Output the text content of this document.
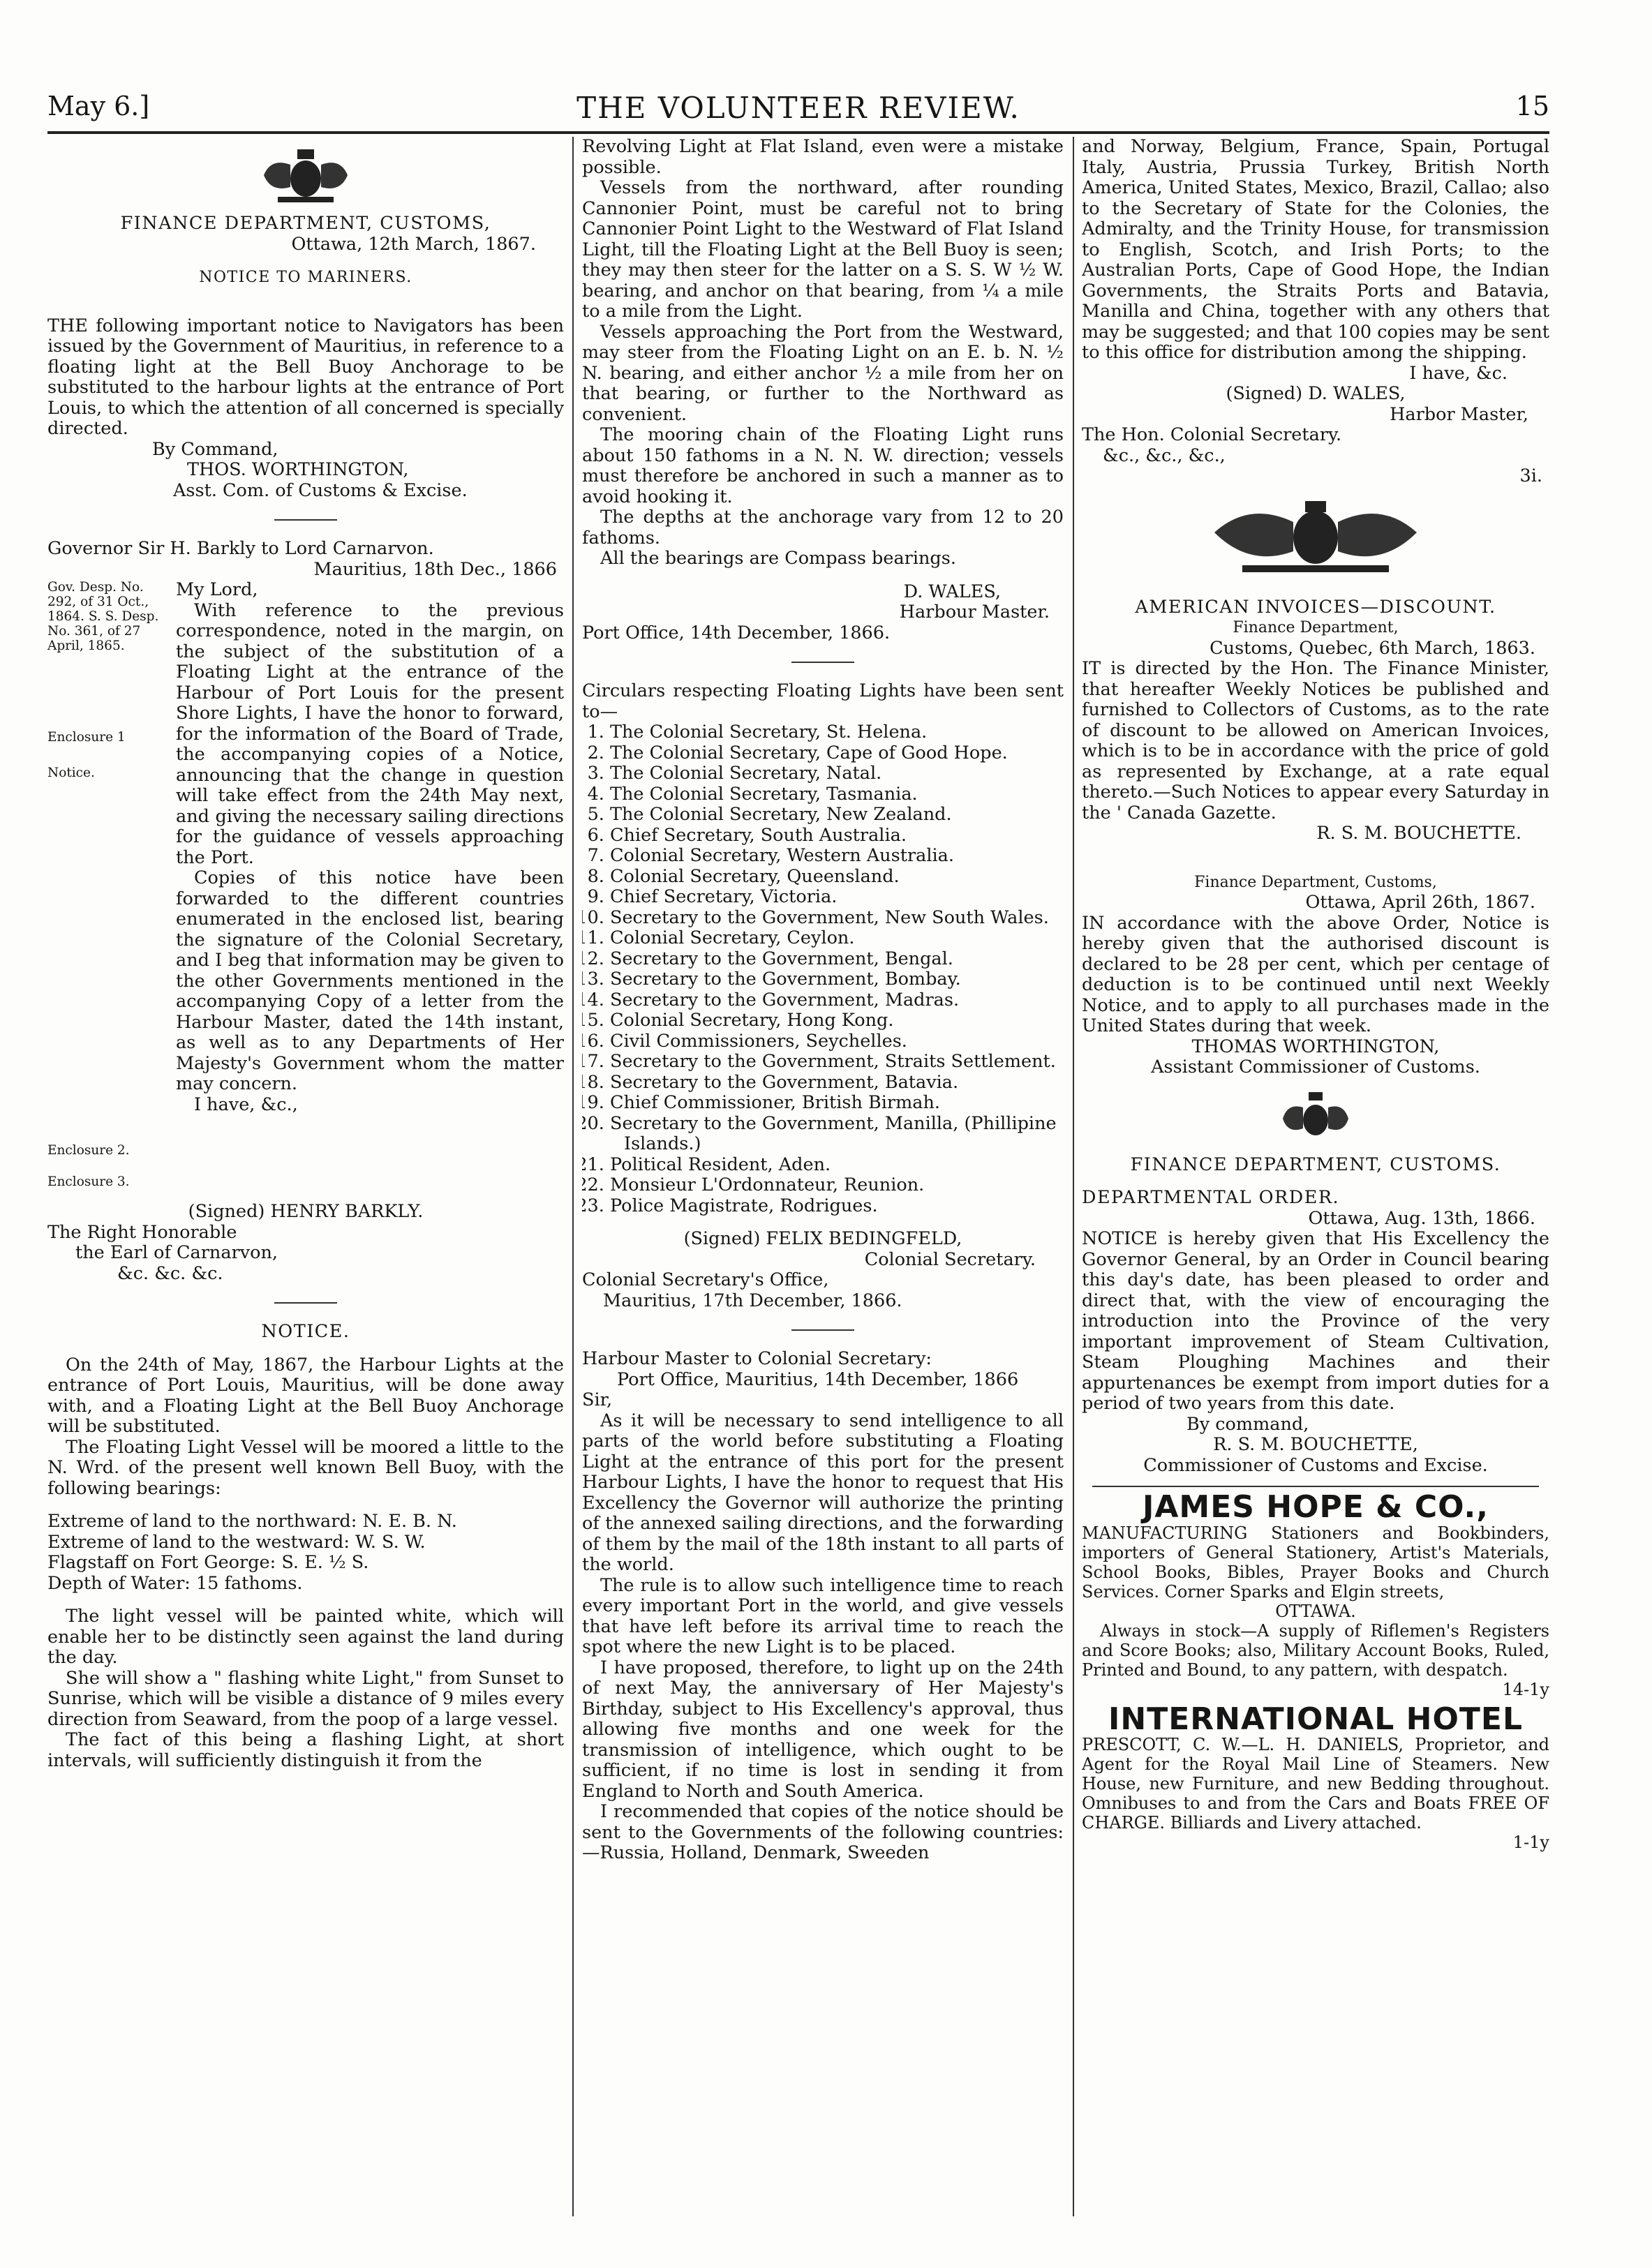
May 6.]	THE VOLUNTEER REVIEW.	15

FINANCE DEPARTMENT, CUSTOMS,

Ottawa, 12th March, 1867.

NOTICE TO MARINERS.

THE following important notice to Navigators has been issued by the Government of Mauritius, in reference to a floating light at the Bell Buoy Anchorage to be substituted to the harbour lights at the entrance of Port Louis, to which the attention of all concerned is specially directed.

By Command,

THOS. WORTHINGTON,

Asst. Com. of Customs & Excise.

Governor Sir H. Barkly to Lord Carnarvon.

Mauritius, 18th Dec., 1866

Gov. Desp. No. 292, of 31 Oct., 1864. S. S. Desp. No. 361, of 27 April, 1865.
Enclosure 1
Notice.
Enclosure 2.
Enclosure 3.

My Lord,

With reference to the previous correspondence, noted in the margin, on the subject of the substitution of a Floating Light at the entrance of the Harbour of Port Louis for the present Shore Lights, I have the honor to forward, for the information of the Board of Trade, the accompanying copies of a Notice, announcing that the change in question will take effect from the 24th May next, and giving the necessary sailing directions for the guidance of vessels approaching the Port.

Copies of this notice have been forwarded to the different countries enumerated in the enclosed list, bearing the signature of the Colonial Secretary, and I beg that information may be given to the other Governments mentioned in the accompanying Copy of a letter from the Harbour Master, dated the 14th instant, as well as to any Departments of Her Majesty's Government whom the matter may concern.

I have, &c.,

(Signed) HENRY BARKLY.

The Right Honorable

the Earl of Carnarvon,

&c. &c. &c.

NOTICE.

On the 24th of May, 1867, the Harbour Lights at the entrance of Port Louis, Mauritius, will be done away with, and a Floating Light at the Bell Buoy Anchorage will be substituted.

The Floating Light Vessel will be moored a little to the N. Wrd. of the present well known Bell Buoy, with the following bearings:

Extreme of land to the northward: N. E. B. N.

Extreme of land to the westward: W. S. W.

Flagstaff on Fort George: S. E. ½ S.

Depth of Water: 15 fathoms.

The light vessel will be painted white, which will enable her to be distinctly seen against the land during the day.

She will show a " flashing white Light," from Sunset to Sunrise, which will be visible a distance of 9 miles every direction from Seaward, from the poop of a large vessel.

The fact of this being a flashing Light, at short intervals, will sufficiently distinguish it from the

Revolving Light at Flat Island, even were a mistake possible.

Vessels from the northward, after rounding Cannonier Point, must be careful not to bring Cannonier Point Light to the Westward of Flat Island Light, till the Floating Light at the Bell Buoy is seen; they may then steer for the latter on a S. S. W ½ W. bearing, and anchor on that bearing, from ¼ a mile to a mile from the Light.

Vessels approaching the Port from the Westward, may steer from the Floating Light on an E. b. N. ½ N. bearing, and either anchor ½ a mile from her on that bearing, or further to the Northward as convenient.

The mooring chain of the Floating Light runs about 150 fathoms in a N. N. W. direction; vessels must therefore be anchored in such a manner as to avoid hooking it.

The depths at the anchorage vary from 12 to 20 fathoms.

All the bearings are Compass bearings.

D. WALES,

Harbour Master.

Port Office, 14th December, 1866.

Circulars respecting Floating Lights have been sent to—

1. The Colonial Secretary, St. Helena.
2. The Colonial Secretary, Cape of Good Hope.
3. The Colonial Secretary, Natal.
4. The Colonial Secretary, Tasmania.
5. The Colonial Secretary, New Zealand.
6. Chief Secretary, South Australia.
7. Colonial Secretary, Western Australia.
8. Colonial Secretary, Queensland.
9. Chief Secretary, Victoria.
10. Secretary to the Government, New South Wales.
11. Colonial Secretary, Ceylon.
12. Secretary to the Government, Bengal.
13. Secretary to the Government, Bombay.
14. Secretary to the Government, Madras.
15. Colonial Secretary, Hong Kong.
16. Civil Commissioners, Seychelles.
17. Secretary to the Government, Straits Settlement.
18. Secretary to the Government, Batavia.
19. Chief Commissioner, British Birmah.
20. Secretary to the Government, Manilla, (Phillipine Islands.)
21. Political Resident, Aden.
22. Monsieur L'Ordonnateur, Reunion.
23. Police Magistrate, Rodrigues.

(Signed) FELIX BEDINGFELD,

Colonial Secretary.

Colonial Secretary's Office,

Mauritius, 17th December, 1866.

Harbour Master to Colonial Secretary:

Port Office, Mauritius, 14th December, 1866

Sir,

As it will be necessary to send intelligence to all parts of the world before substituting a Floating Light at the entrance of this port for the present Harbour Lights, I have the honor to request that His Excellency the Governor will authorize the printing of the annexed sailing directions, and the forwarding of them by the mail of the 18th instant to all parts of the world.

The rule is to allow such intelligence time to reach every important Port in the world, and give vessels that have left before its arrival time to reach the spot where the new Light is to be placed.

I have proposed, therefore, to light up on the 24th of next May, the anniversary of Her Majesty's Birthday, subject to His Excellency's approval, thus allowing five months and one week for the transmission of intelligence, which ought to be sufficient, if no time is lost in sending it from England to North and South America.

I recommended that copies of the notice should be sent to the Governments of the following countries:—Russia, Holland, Denmark, Sweeden

and Norway, Belgium, France, Spain, Portugal Italy, Austria, Prussia Turkey, British North America, United States, Mexico, Brazil, Callao; also to the Secretary of State for the Colonies, the Admiralty, and the Trinity House, for transmission to English, Scotch, and Irish Ports; to the Australian Ports, Cape of Good Hope, the Indian Governments, the Straits Ports and Batavia, Manilla and China, together with any others that may be suggested; and that 100 copies may be sent to this office for distribution among the shipping.

I have, &c.

(Signed) D. WALES,

Harbor Master,

The Hon. Colonial Secretary.

&c., &c., &c.,

3i.

AMERICAN INVOICES—DISCOUNT.

Finance Department,

Customs, Quebec, 6th March, 1863.

IT is directed by the Hon. The Finance Minister, that hereafter Weekly Notices be published and furnished to Collectors of Customs, as to the rate of discount to be allowed on American Invoices, which is to be in accordance with the price of gold as represented by Exchange, at a rate equal thereto.—Such Notices to appear every Saturday in the ' Canada Gazette.

R. S. M. BOUCHETTE.

Finance Department, Customs,

Ottawa, April 26th, 1867.

IN accordance with the above Order, Notice is hereby given that the authorised discount is declared to be 28 per cent, which per centage of deduction is to be continued until next Weekly Notice, and to apply to all purchases made in the United States during that week.

THOMAS WORTHINGTON,

Assistant Commissioner of Customs.

FINANCE DEPARTMENT, CUSTOMS.

DEPARTMENTAL ORDER.

Ottawa, Aug. 13th, 1866.

NOTICE is hereby given that His Excellency the Governor General, by an Order in Council bearing this day's date, has been pleased to order and direct that, with the view of encouraging the introduction into the Province of the very important improvement of Steam Cultivation, Steam Ploughing Machines and their appurtenances be exempt from import duties for a period of two years from this date.

By command,

R. S. M. BOUCHETTE,

Commissioner of Customs and Excise.

JAMES HOPE & CO.,

MANUFACTURING Stationers and Bookbinders, importers of General Stationery, Artist's Materials, School Books, Bibles, Prayer Books and Church Services. Corner Sparks and Elgin streets,

OTTAWA.

Always in stock—A supply of Riflemen's Registers and Score Books; also, Military Account Books, Ruled, Printed and Bound, to any pattern, with despatch.

14-1y

INTERNATIONAL HOTEL

PRESCOTT, C. W.—L. H. DANIELS, Proprietor, and Agent for the Royal Mail Line of Steamers. New House, new Furniture, and new Bedding throughout. Omnibuses to and from the Cars and Boats FREE OF CHARGE. Billiards and Livery attached.

1-1y
